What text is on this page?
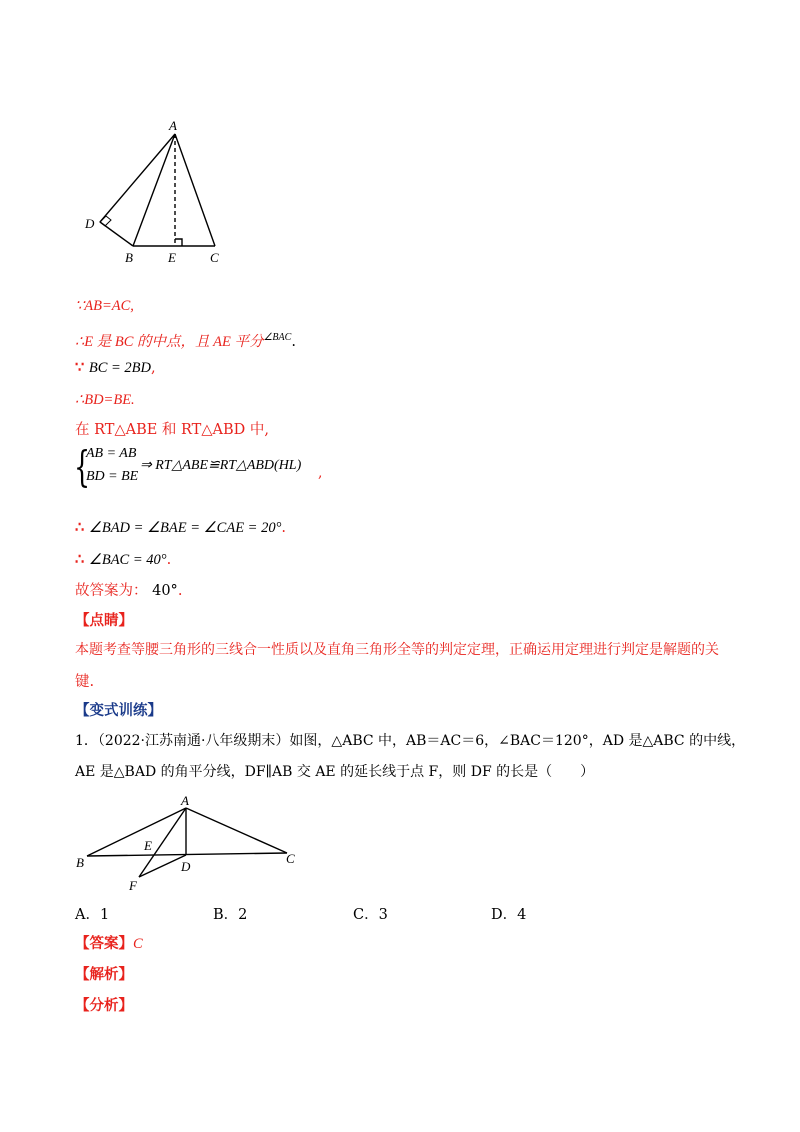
A
D
B	E	C
∵AB=AC,
∴E 是 BC 的中点，且 AE 平分$^{\angle BAC}$.
∵ BC = 2BD,
∴BD=BE.
在 RT△ABE 和 RT△ABD 中,
{
AB = AB
BD = BE
⇒ RT△ABE≌RT△ABD(HL) ,
∴ ∠BAD = ∠BAE = ∠CAE = 20°.
∴ ∠BAC = 40°.
故答案为： 40°.
【点睛】
本题考查等腰三角形的三线合一性质以及直角三角形全等的判定定理，正确运用定理进行判定是解题的关
键.
【变式训练】
1．（2022·江苏南通·八年级期末）如图，△ABC 中，AB＝AC＝6，∠BAC＝120°，AD 是△ABC 的中线，
AE 是△BAD 的角平分线，DF∥AB 交 AE 的延长线于点 F，则 DF 的长是（　　）
A
E
B	D
C
F
A．1	B．2	C．3	D．4
【答案】C
【解析】
【分析】
